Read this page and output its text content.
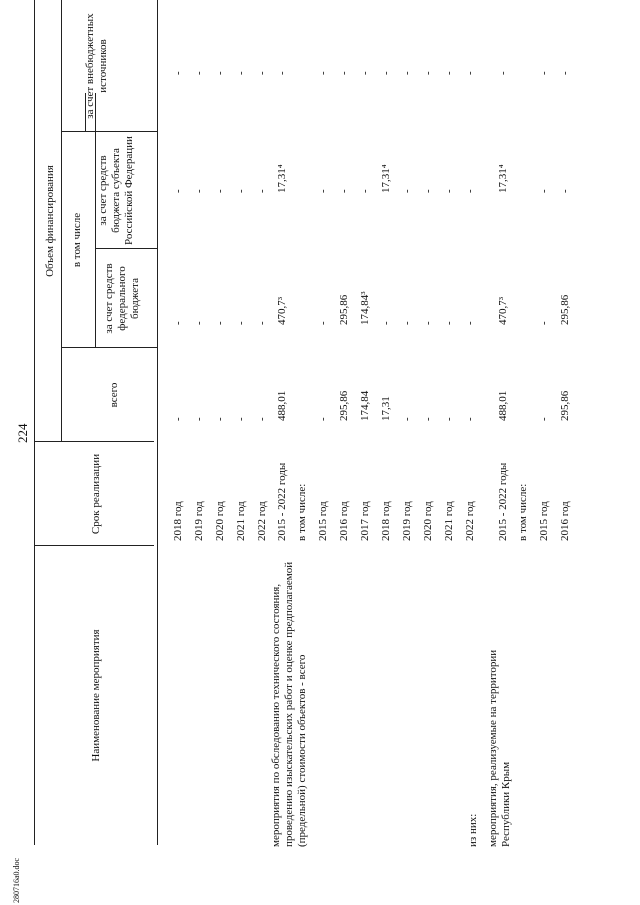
224
Наименование мероприятия
Срок реализации
Объем финансирования
всего
в том числе
за счет средств федерального бюджета
за счет средств бюджета субъекта Российской Федерации
за счет внебюджетных источников
мероприятия по обследованию технического состояния, проведению изыскательских работ и оценке предполагаемой (предельной) стоимости объектов - всего	из них: мероприятия, реализуемые на территории Республики Крым
2018 год
-
-
-
-
2019 год
-
-
-
-
2020 год
-
-
-
-
2021 год
-
-
-
-
2022 год
-
-
-
-
2015 - 2022 годы
488,01
470,7³
17,31⁴
-
в том числе: 2015 год
-
-
-
-
2016 год
295,86
295,86
-
-
2017 год
174,84
174,84³
-
-
2018 год
17,31
-
17,31⁴
-
2019 год
-
-
-
-
2020 год
-
-
-
-
2021 год
-
-
-
-
2022 год
-
-
-
-
2015 - 2022 годы
488,01
470,7³
17,31⁴
-
в том числе: 2015 год
-
-
-
-
2016 год
295,86
295,86
-
-
280716a0.doc
